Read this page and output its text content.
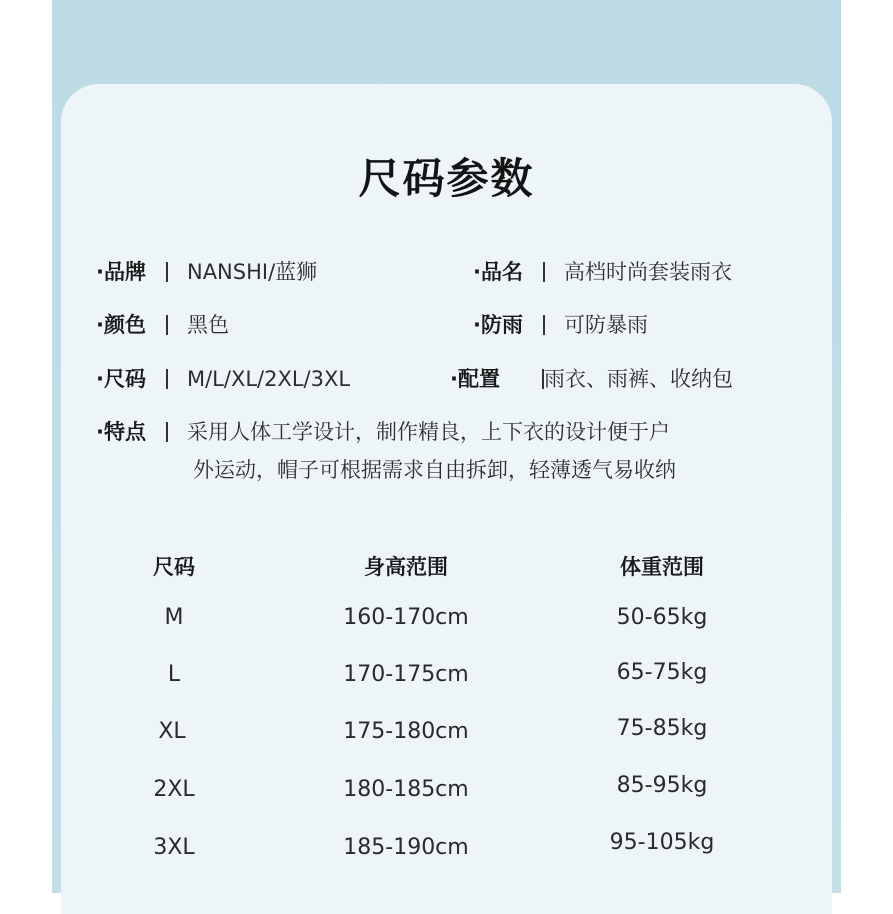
尺码参数
·品牌 NANSHI/蓝狮	·品名 高档时尚套装雨衣
·颜色 黑色	·防雨 可防暴雨
·尺码 M/L/XL/2XL/3XL	·配置 雨衣、雨裤、收纳包
·特点 采用人体工学设计，制作精良，上下衣的设计便于户
外运动，帽子可根据需求自由拆卸，轻薄透气易收纳
尺码	身高范围	体重范围
M	160-170cm	50-65kg
L	170-175cm	65-75kg
XL	175-180cm	75-85kg
2XL	180-185cm	85-95kg
3XL	185-190cm	95-105kg
